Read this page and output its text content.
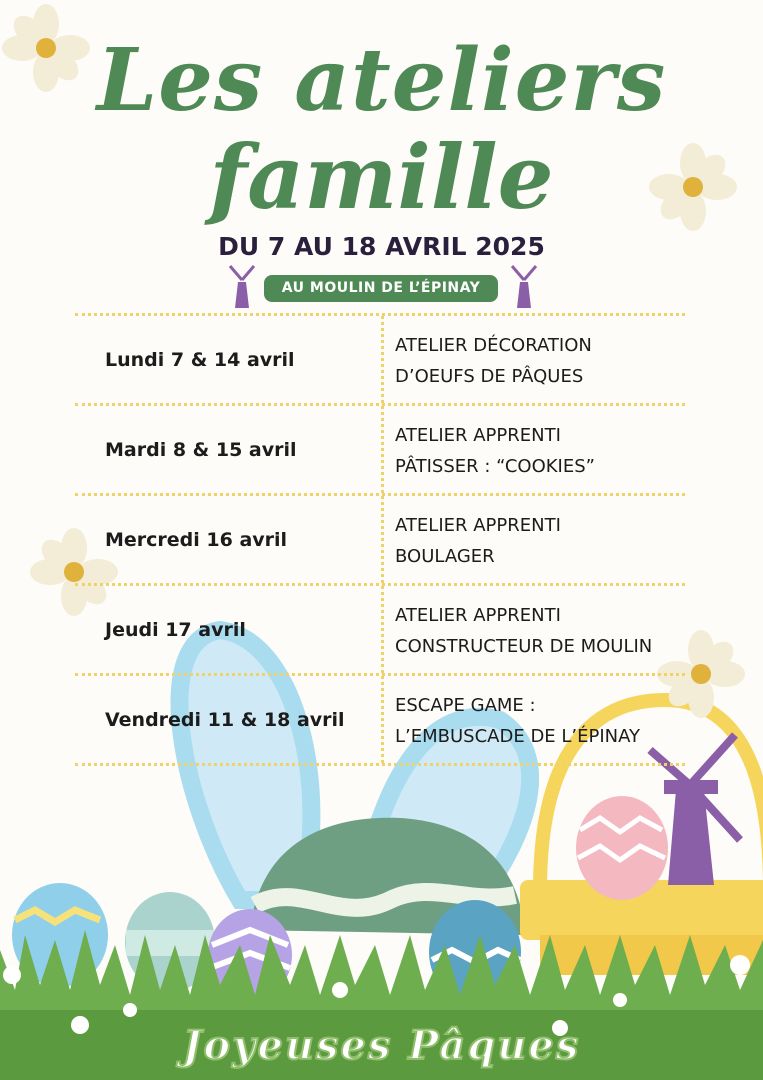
Les ateliers
famille
DU 7 AU 18 AVRIL 2025
AU MOULIN DE L’ÉPINAY
Lundi 7 & 14 avril
ATELIER DÉCORATION
D’OEUFS DE PÂQUES
Mardi 8 & 15 avril
ATELIER APPRENTI
PÂTISSER : “COOKIES”
Mercredi 16 avril
ATELIER APPRENTI
BOULAGER
Jeudi 17 avril
ATELIER APPRENTI
CONSTRUCTEUR DE MOULIN
Vendredi 11 & 18 avril
ESCAPE GAME :
L’EMBUSCADE DE L’ÉPINAY
Joyeuses Pâques
